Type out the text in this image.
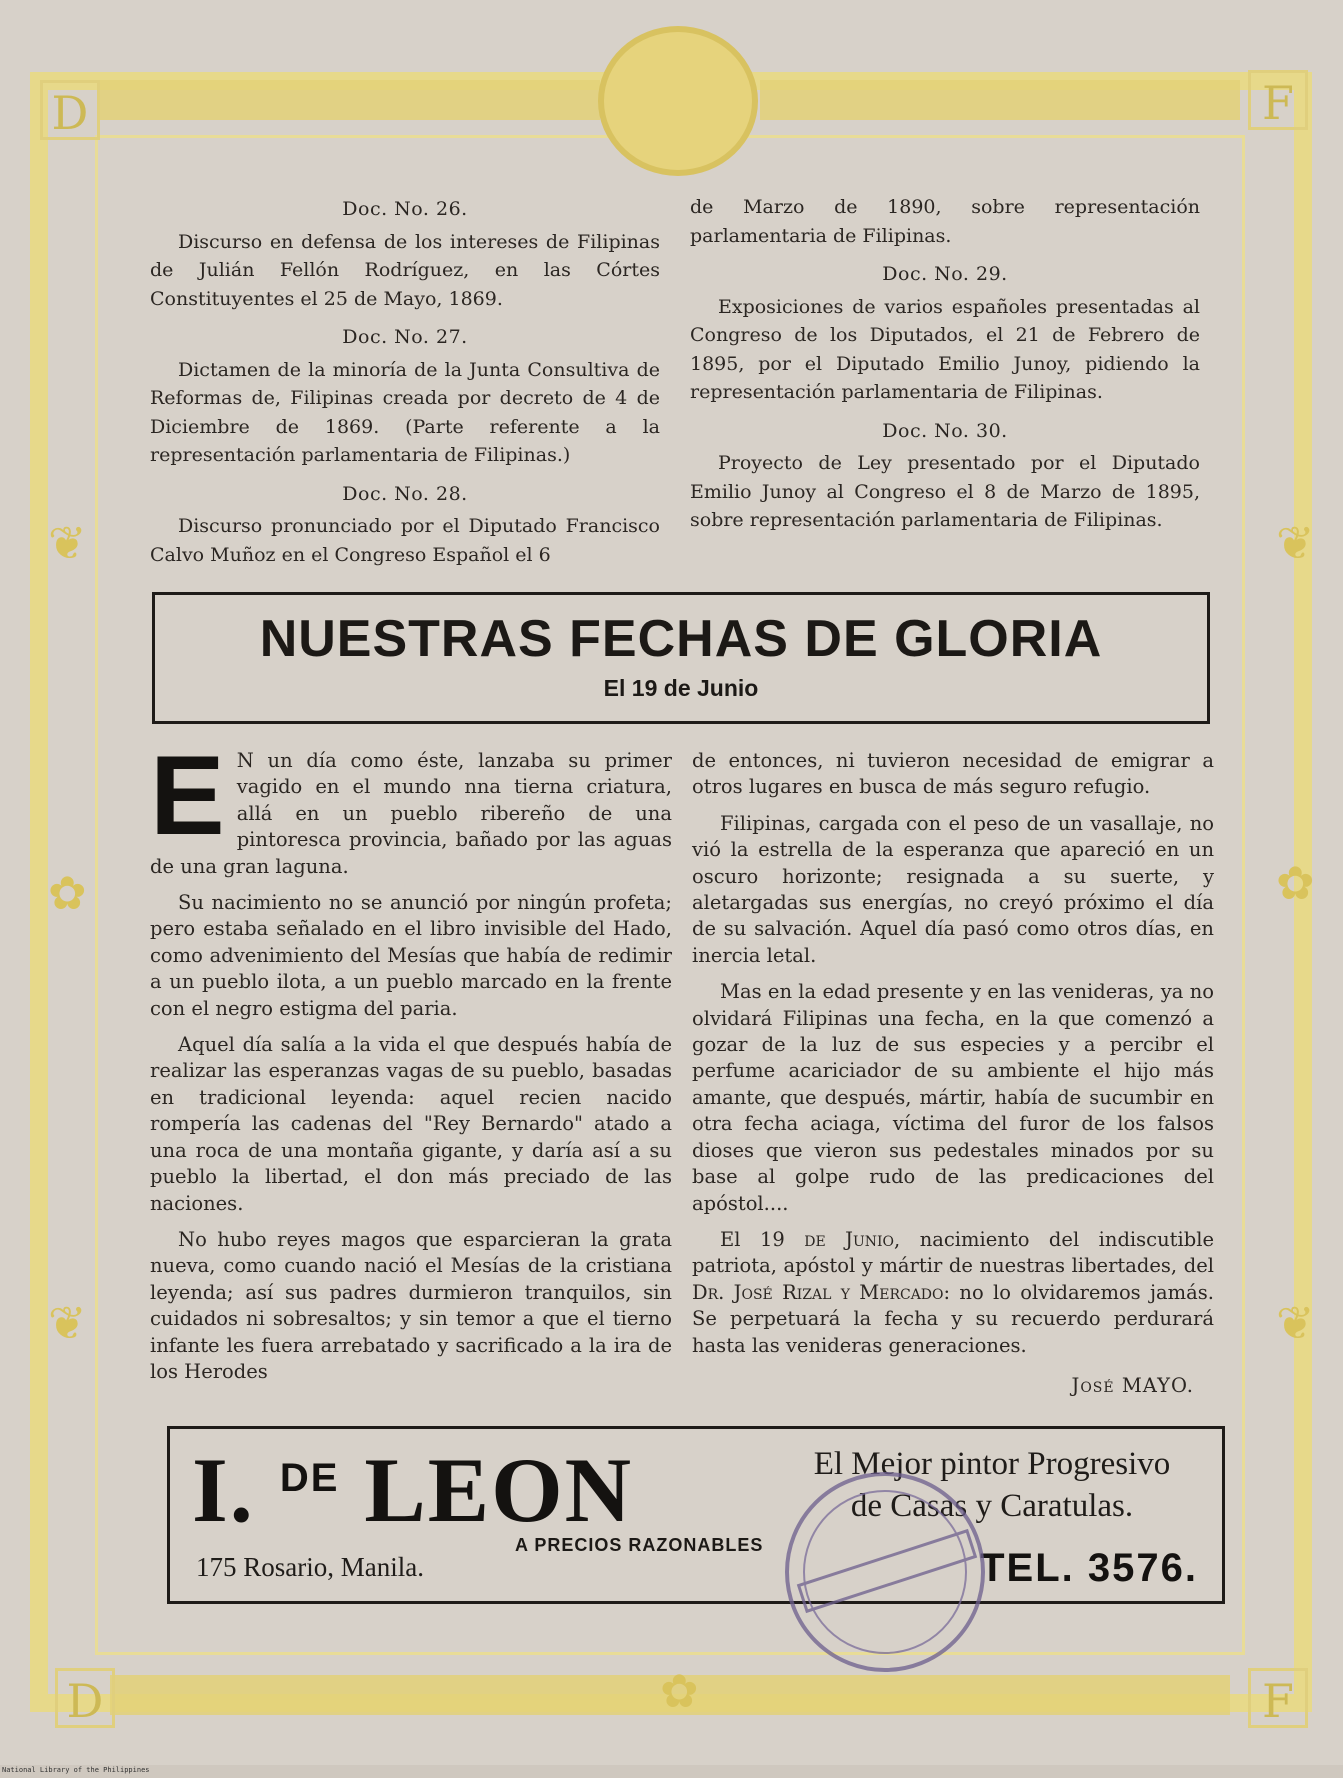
D	F
D	F
✿	✿
❦	❦
❦	❦
✿
Doc. No. 26.

Discurso en defensa de los intereses de Filipinas de Julián Fellón Rodríguez, en las Córtes Constituyentes el 25 de Mayo, 1869.

Doc. No. 27.

Dictamen de la minoría de la Junta Consultiva de Reformas de, Filipinas creada por decreto de 4 de Diciembre de 1869. (Parte referente a la representación parlamentaria de Filipinas.)

Doc. No. 28.

Discurso pronunciado por el Diputado Francisco Calvo Muñoz en el Congreso Español el 6

de Marzo de 1890, sobre representación parlamentaria de Filipinas.

Doc. No. 29.

Exposiciones de varios españoles presentadas al Congreso de los Diputados, el 21 de Febrero de 1895, por el Diputado Emilio Junoy, pidiendo la representación parlamentaria de Filipinas.

Doc. No. 30.

Proyecto de Ley presentado por el Diputado Emilio Junoy al Congreso el 8 de Marzo de 1895, sobre representación parlamentaria de Filipinas.

NUESTRAS FECHAS DE GLORIA
El 19 de Junio

E N un día como éste, lanzaba su primer vagido en el mundo nna tierna criatura, allá en un pueblo ribereño de una pintoresca provincia, bañado por las aguas de una gran laguna.

Su nacimiento no se anunció por ningún profeta; pero estaba señalado en el libro invisible del Hado, como advenimiento del Mesías que había de redimir a un pueblo ilota, a un pueblo marcado en la frente con el negro estigma del paria.

Aquel día salía a la vida el que después había de realizar las esperanzas vagas de su pueblo, basadas en tradicional leyenda: aquel recien nacido rompería las cadenas del "Rey Bernardo" atado a una roca de una montaña gigante, y daría así a su pueblo la libertad, el don más preciado de las naciones.

No hubo reyes magos que esparcieran la grata nueva, como cuando nació el Mesías de la cristiana leyenda; así sus padres durmieron tranquilos, sin cuidados ni sobresaltos; y sin temor a que el tierno infante les fuera arrebatado y sacrificado a la ira de los Herodes

de entonces, ni tuvieron necesidad de emigrar a otros lugares en busca de más seguro refugio.

Filipinas, cargada con el peso de un vasallaje, no vió la estrella de la esperanza que apareció en un oscuro horizonte; resignada a su suerte, y aletargadas sus energías, no creyó próximo el día de su salvación. Aquel día pasó como otros días, en inercia letal.

Mas en la edad presente y en las venideras, ya no olvidará Filipinas una fecha, en la que comenzó a gozar de la luz de sus especies y a percibr el perfume acariciador de su ambiente el hijo más amante, que después, mártir, había de sucumbir en otra fecha aciaga, víctima del furor de los falsos dioses que vieron sus pedestales minados por su base al golpe rudo de las predicaciones del apóstol....

El 19 de Junio, nacimiento del indiscutible patriota, apóstol y mártir de nuestras libertades, del Dr. José Rizal y Mercado: no lo olvidaremos jamás. Se perpetuará la fecha y su recuerdo perdurará hasta las venideras generaciones.

José MAYO.
I. $^{DE}$ LEON	El Mejor pintor Progresivo
de Casas y Caratulas.
A PRECIOS RAZONABLES
175 Rosario, Manila.	TEL. 3576.
National Library of the Philippines
